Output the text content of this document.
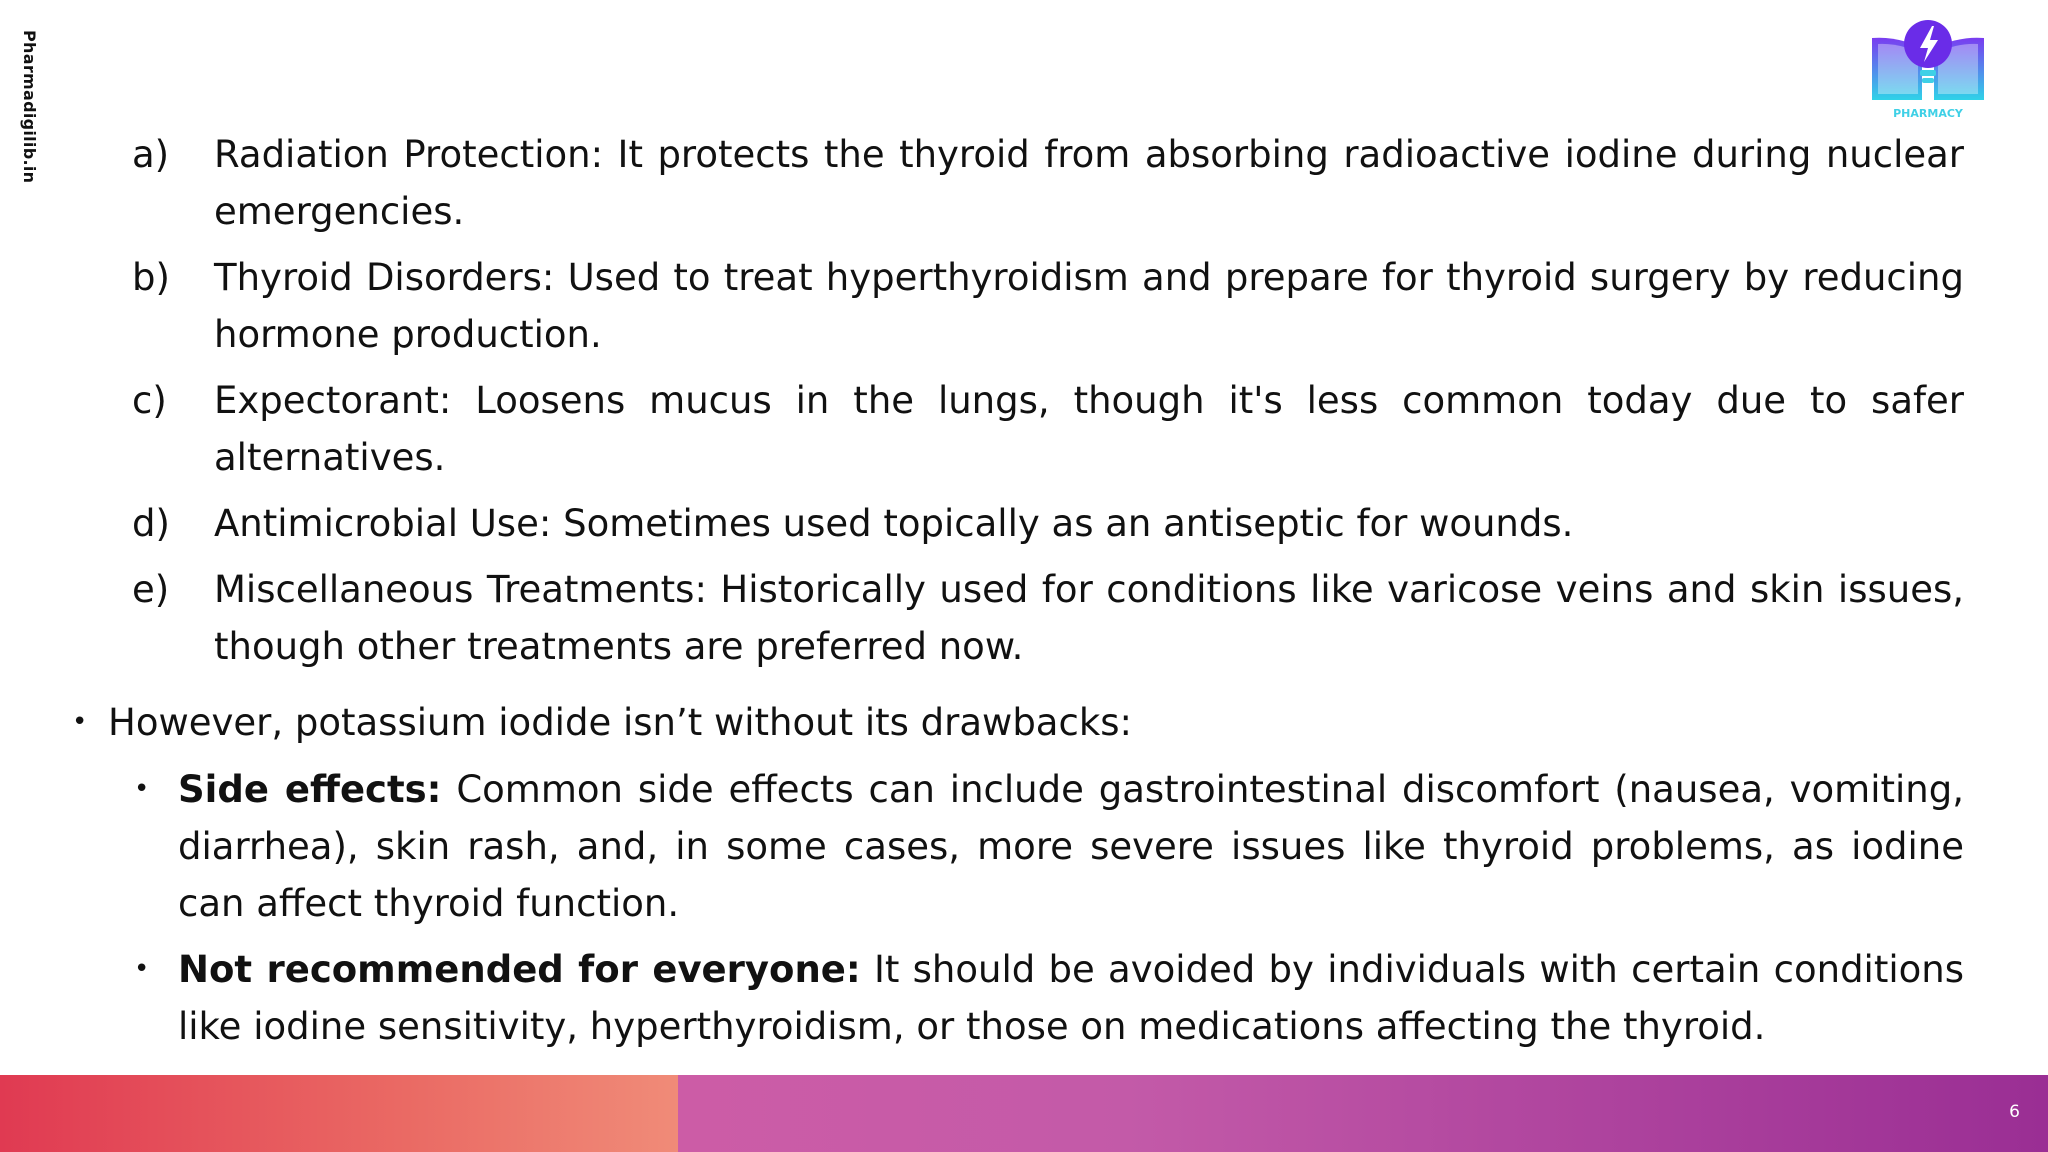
Pharmadigilib.in	PHARMACY
a) Radiation Protection: It protects the thyroid from absorbing radioactive iodine during nuclear emergencies.
b) Thyroid Disorders: Used to treat hyperthyroidism and prepare for thyroid surgery by reducing hormone production.
c) Expectorant: Loosens mucus in the lungs, though it's less common today due to safer alternatives.
d) Antimicrobial Use: Sometimes used topically as an antiseptic for wounds.
e) Miscellaneous Treatments: Historically used for conditions like varicose veins and skin issues, though other treatments are preferred now.
• However, potassium iodide isn’t without its drawbacks:
• Side effects: Common side effects can include gastrointestinal discomfort (nausea, vomiting, diarrhea), skin rash, and, in some cases, more severe issues like thyroid problems, as iodine can affect thyroid function.
• Not recommended for everyone: It should be avoided by individuals with certain conditions like iodine sensitivity, hyperthyroidism, or those on medications affecting the thyroid.
6
